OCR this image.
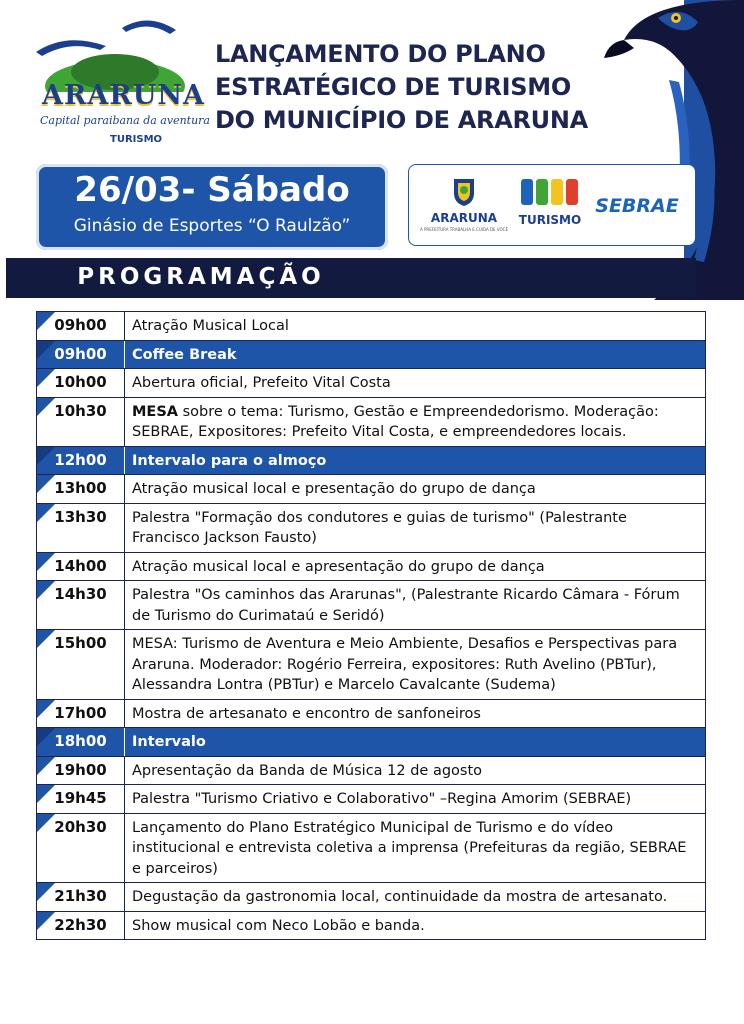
ARARUNA
Capital paraibana da aventura
TURISMO
LANÇAMENTO DO PLANO
ESTRATÉGICO DE TURISMO
DO MUNICÍPIO DE ARARUNA
26/03- Sábado
Ginásio de Esportes “O Raulzão”	ARARUNA
A PREFEITURA TRABALHA E CUIDA DE VOCÊ
TURISMO
SEBRAE
PROGRAMAÇÃO
09h00	Atração Musical Local
09h00	Coffee Break
10h00	Abertura oficial, Prefeito Vital Costa
10h30	MESA sobre o tema: Turismo, Gestão e Empreendedorismo. Moderação: SEBRAE, Expositores: Prefeito Vital Costa, e empreendedores locais.
12h00	Intervalo para o almoço
13h00	Atração musical local e presentação do grupo de dança
13h30	Palestra "Formação dos condutores e guias de turismo" (Palestrante Francisco Jackson Fausto)
14h00	Atração musical local e apresentação do grupo de dança
14h30	Palestra "Os caminhos das Ararunas", (Palestrante Ricardo Câmara - Fórum de Turismo do Curimataú e Seridó)
15h00	MESA: Turismo de Aventura e Meio Ambiente, Desafios e Perspectivas para Araruna. Moderador: Rogério Ferreira, expositores: Ruth Avelino (PBTur), Alessandra Lontra (PBTur) e Marcelo Cavalcante (Sudema)
17h00	Mostra de artesanato e encontro de sanfoneiros
18h00	Intervalo
19h00	Apresentação da Banda de Música 12 de agosto
19h45	Palestra "Turismo Criativo e Colaborativo" –Regina Amorim (SEBRAE)
20h30	Lançamento do Plano Estratégico Municipal de Turismo e do vídeo institucional e entrevista coletiva a imprensa (Prefeituras da região, SEBRAE e parceiros)
21h30	Degustação da gastronomia local, continuidade da mostra de artesanato.
22h30	Show musical com Neco Lobão e banda.
